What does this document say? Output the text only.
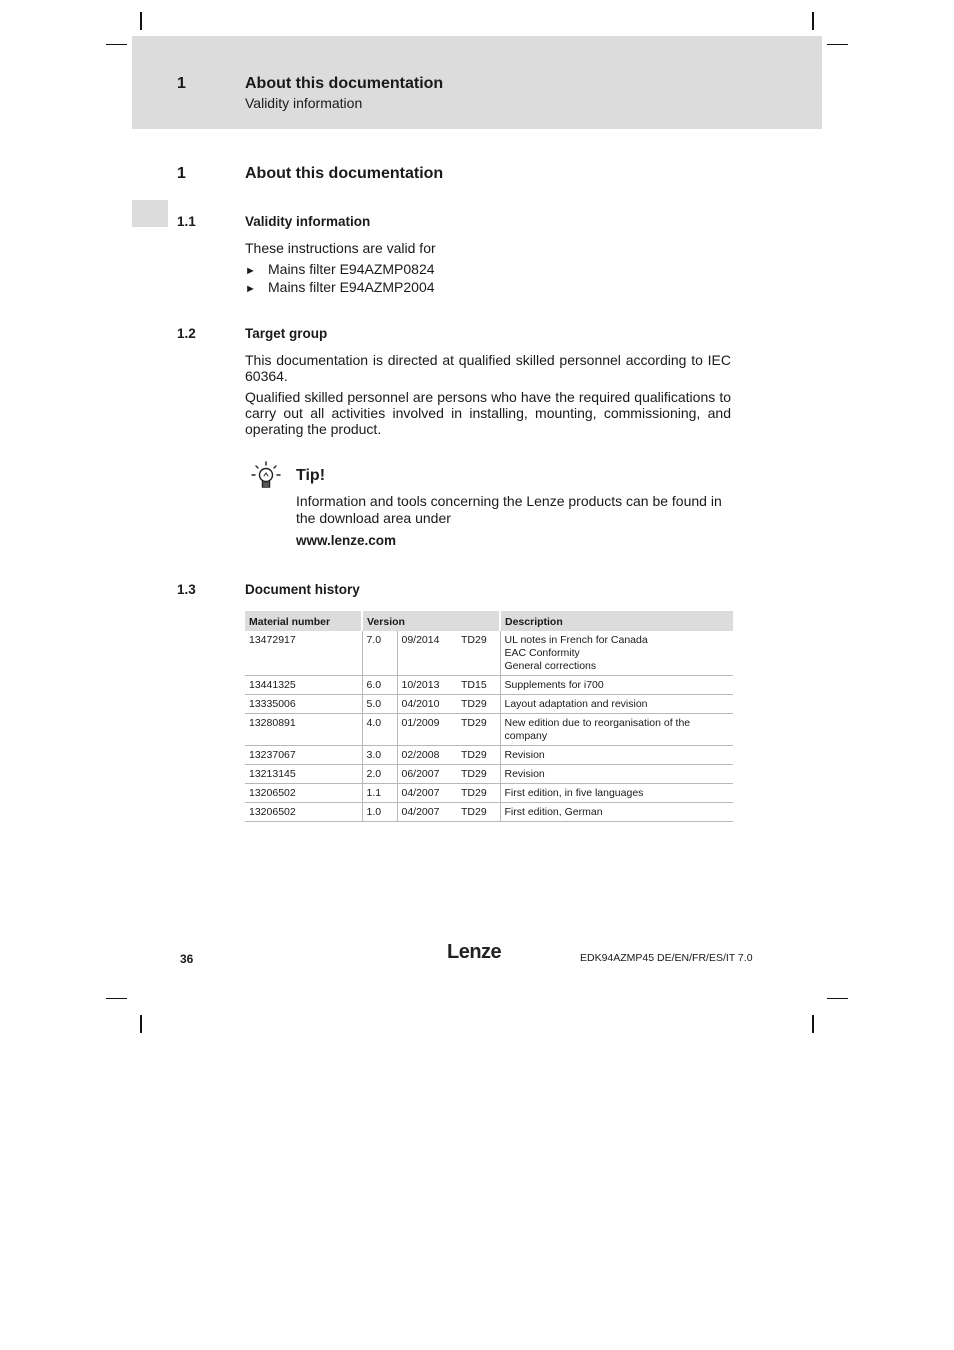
1	About this documentation
Validity information
1	About this documentation
1.1	Validity information
These instructions are valid for
► Mains filter E94AZMP0824
► Mains filter E94AZMP2004
1.2	Target group
This documentation is directed at qualified skilled personnel according to IEC 60364.
Qualified skilled personnel are persons who have the required qualifications to carry out all activities involved in installing, mounting, commissioning, and operating the product.
Tip!
Information and tools concerning the Lenze products can be found in the download area under
www.lenze.com
1.3	Document history
Material number	Version			Description
13472917	7.0	09/2014	TD29	UL notes in French for Canada
EAC Conformity
General corrections

13441325	6.0	10/2013	TD15	Supplements for i700

13335006	5.0	04/2010	TD29	Layout adaptation and revision

13280891	4.0	01/2009	TD29	New edition due to reorganisation of the company

13237067	3.0	02/2008	TD29	Revision

13213145	2.0	06/2007	TD29	Revision

13206502	1.1	04/2007	TD29	First edition, in five languages

13206502	1.0	04/2007	TD29	First edition, German
36	Lenze	EDK94AZMP45 DE/EN/FR/ES/IT 7.0
